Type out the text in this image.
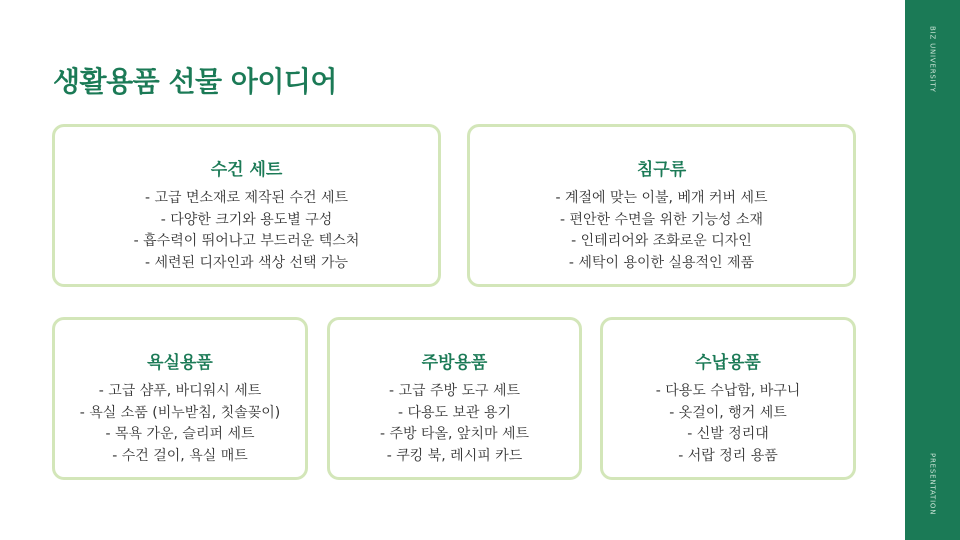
생활용품 선물 아이디어
수건 세트
- 고급 면소재로 제작된 수건 세트
- 다양한 크기와 용도별 구성
- 흡수력이 뛰어나고 부드러운 텍스처
- 세련된 디자인과 색상 선택 가능
침구류
- 계절에 맞는 이불, 베개 커버 세트
- 편안한 수면을 위한 기능성 소재
- 인테리어와 조화로운 디자인
- 세탁이 용이한 실용적인 제품
욕실용품
- 고급 샴푸, 바디워시 세트
- 욕실 소품 (비누받침, 칫솔꽂이)
- 목욕 가운, 슬리퍼 세트
- 수건 걸이, 욕실 매트
주방용품
- 고급 주방 도구 세트
- 다용도 보관 용기
- 주방 타올, 앞치마 세트
- 쿠킹 북, 레시피 카드
수납용품
- 다용도 수납함, 바구니
- 옷걸이, 행거 세트
- 신발 정리대
- 서랍 정리 용품
BIZ UNIVERSITY
PRESENTATION
